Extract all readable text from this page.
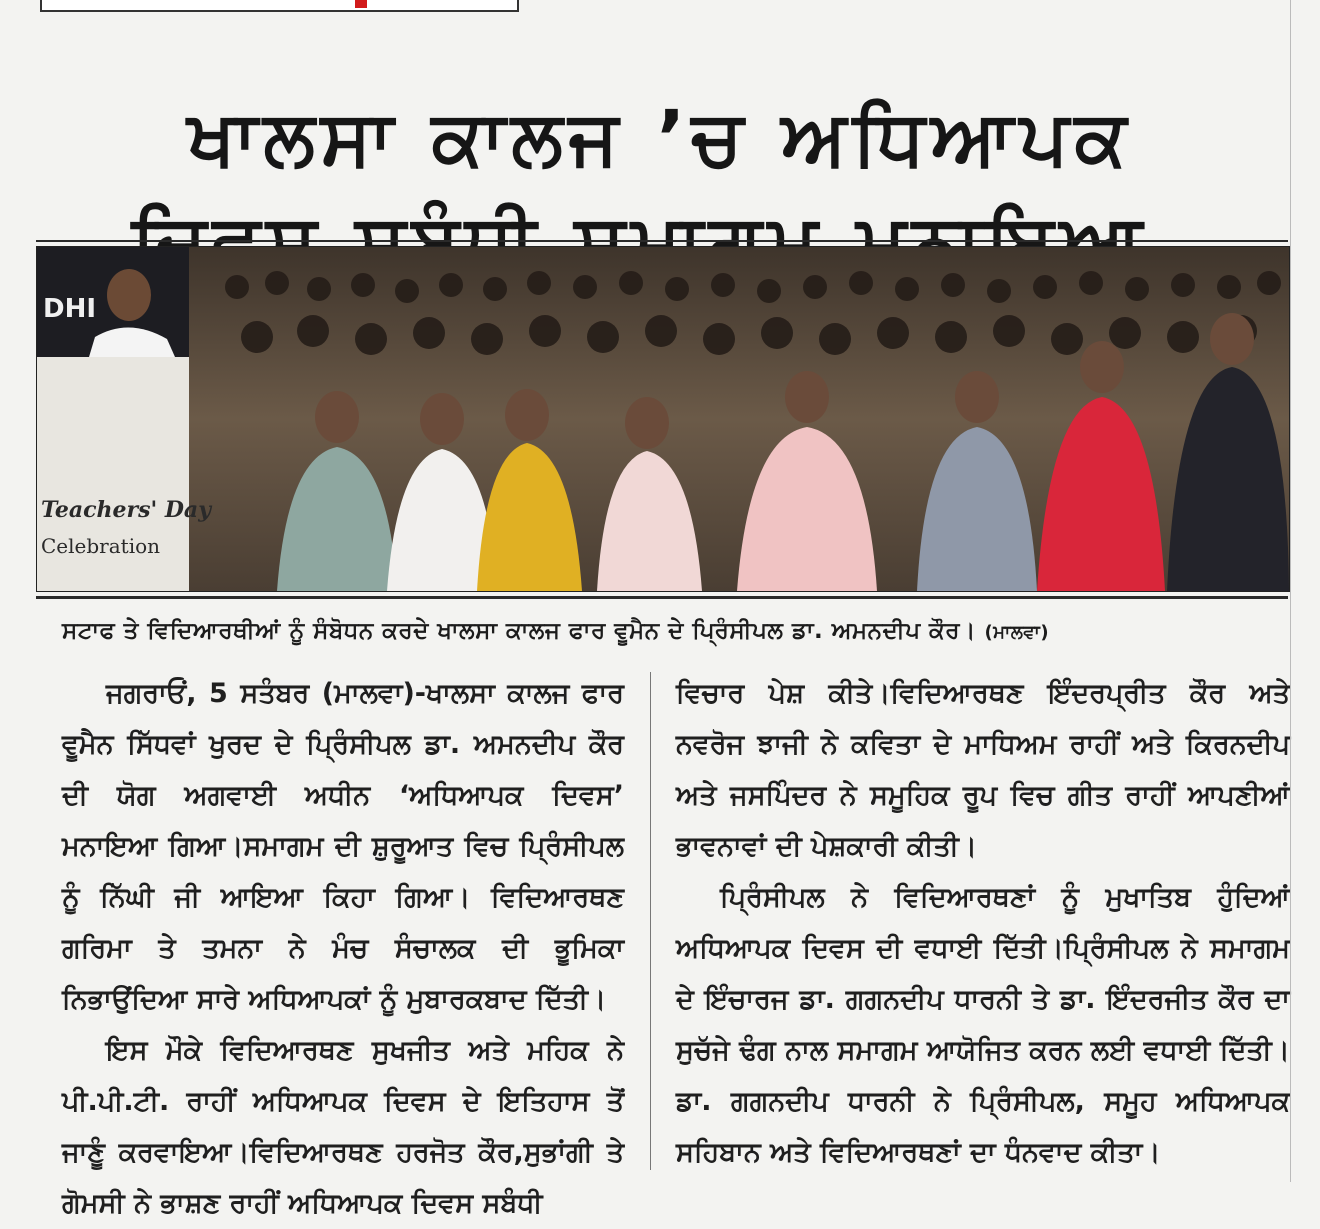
ਖਾਲਸਾ ਕਾਲਜ ’ਚ ਅਧਿਆਪਕ
DHI
Teachers' Day
Celebration
ਸਟਾਫ ਤੇ ਵਿਦਿਆਰਥੀਆਂ ਨੂੰ ਸੰਬੋਧਨ ਕਰਦੇ ਖਾਲਸਾ ਕਾਲਜ ਫਾਰ ਵੂਮੈਨ ਦੇ ਪ੍ਰਿੰਸੀਪਲ ਡਾ. ਅਮਨਦੀਪ ਕੌਰ। (ਮਾਲਵਾ)

ਜਗਰਾਓਂ, 5 ਸਤੰਬਰ (ਮਾਲਵਾ)-ਖਾਲਸਾ ਕਾਲਜ ਫਾਰ ਵੂਮੈਨ ਸਿੱਧਵਾਂ ਖੁਰਦ ਦੇ ਪ੍ਰਿੰਸੀਪਲ ਡਾ. ਅਮਨਦੀਪ ਕੌਰ ਦੀ ਯੋਗ ਅਗਵਾਈ ਅਧੀਨ ‘ਅਧਿਆਪਕ ਦਿਵਸ’ ਮਨਾਇਆ ਗਿਆ।ਸਮਾਗਮ ਦੀ ਸ਼ੁਰੂਆਤ ਵਿਚ ਪ੍ਰਿੰਸੀਪਲ ਨੂੰ ਨਿੱਘੀ ਜੀ ਆਇਆ ਕਿਹਾ ਗਿਆ। ਵਿਦਿਆਰਥਣ ਗਰਿਮਾ ਤੇ ਤਮਨਾ ਨੇ ਮੰਚ ਸੰਚਾਲਕ ਦੀ ਭੂਮਿਕਾ ਨਿਭਾਉਂਦਿਆ ਸਾਰੇ ਅਧਿਆਪਕਾਂ ਨੂੰ ਮੁਬਾਰਕਬਾਦ ਦਿੱਤੀ।

ਇਸ ਮੌਕੇ ਵਿਦਿਆਰਥਣ ਸੁਖਜੀਤ ਅਤੇ ਮਹਿਕ ਨੇ ਪੀ.ਪੀ.ਟੀ. ਰਾਹੀਂ ਅਧਿਆਪਕ ਦਿਵਸ ਦੇ ਇਤਿਹਾਸ ਤੋਂ ਜਾਣੂੰ ਕਰਵਾਇਆ।ਵਿਦਿਆਰਥਣ ਹਰਜੋਤ ਕੌਰ,ਸੁਭਾਂਗੀ ਤੇ ਗੋਮਸੀ ਨੇ ਭਾਸ਼ਣ ਰਾਹੀਂ ਅਧਿਆਪਕ ਦਿਵਸ ਸਬੰਧੀ

ਵਿਚਾਰ ਪੇਸ਼ ਕੀਤੇ।ਵਿਦਿਆਰਥਣ ਇੰਦਰਪ੍ਰੀਤ ਕੌਰ ਅਤੇ ਨਵਰੋਜ ਝਾਜੀ ਨੇ ਕਵਿਤਾ ਦੇ ਮਾਧਿਅਮ ਰਾਹੀਂ ਅਤੇ ਕਿਰਨਦੀਪ ਅਤੇ ਜਸਪਿੰਦਰ ਨੇ ਸਮੂਹਿਕ ਰੂਪ ਵਿਚ ਗੀਤ ਰਾਹੀਂ ਆਪਣੀਆਂ ਭਾਵਨਾਵਾਂ ਦੀ ਪੇਸ਼ਕਾਰੀ ਕੀਤੀ।

ਪ੍ਰਿੰਸੀਪਲ ਨੇ ਵਿਦਿਆਰਥਣਾਂ ਨੂੰ ਮੁਖਾਤਿਬ ਹੁੰਦਿਆਂ ਅਧਿਆਪਕ ਦਿਵਸ ਦੀ ਵਧਾਈ ਦਿੱਤੀ।ਪ੍ਰਿੰਸੀਪਲ ਨੇ ਸਮਾਗਮ ਦੇ ਇੰਚਾਰਜ ਡਾ. ਗਗਨਦੀਪ ਧਾਰਨੀ ਤੇ ਡਾ. ਇੰਦਰਜੀਤ ਕੌਰ ਦਾ ਸੁਚੱਜੇ ਢੰਗ ਨਾਲ ਸਮਾਗਮ ਆਯੋਜਿਤ ਕਰਨ ਲਈ ਵਧਾਈ ਦਿੱਤੀ। ਡਾ. ਗਗਨਦੀਪ ਧਾਰਨੀ ਨੇ ਪ੍ਰਿੰਸੀਪਲ, ਸਮੂਹ ਅਧਿਆਪਕ ਸਹਿਬਾਨ ਅਤੇ ਵਿਦਿਆਰਥਣਾਂ ਦਾ ਧੰਨਵਾਦ ਕੀਤਾ।
